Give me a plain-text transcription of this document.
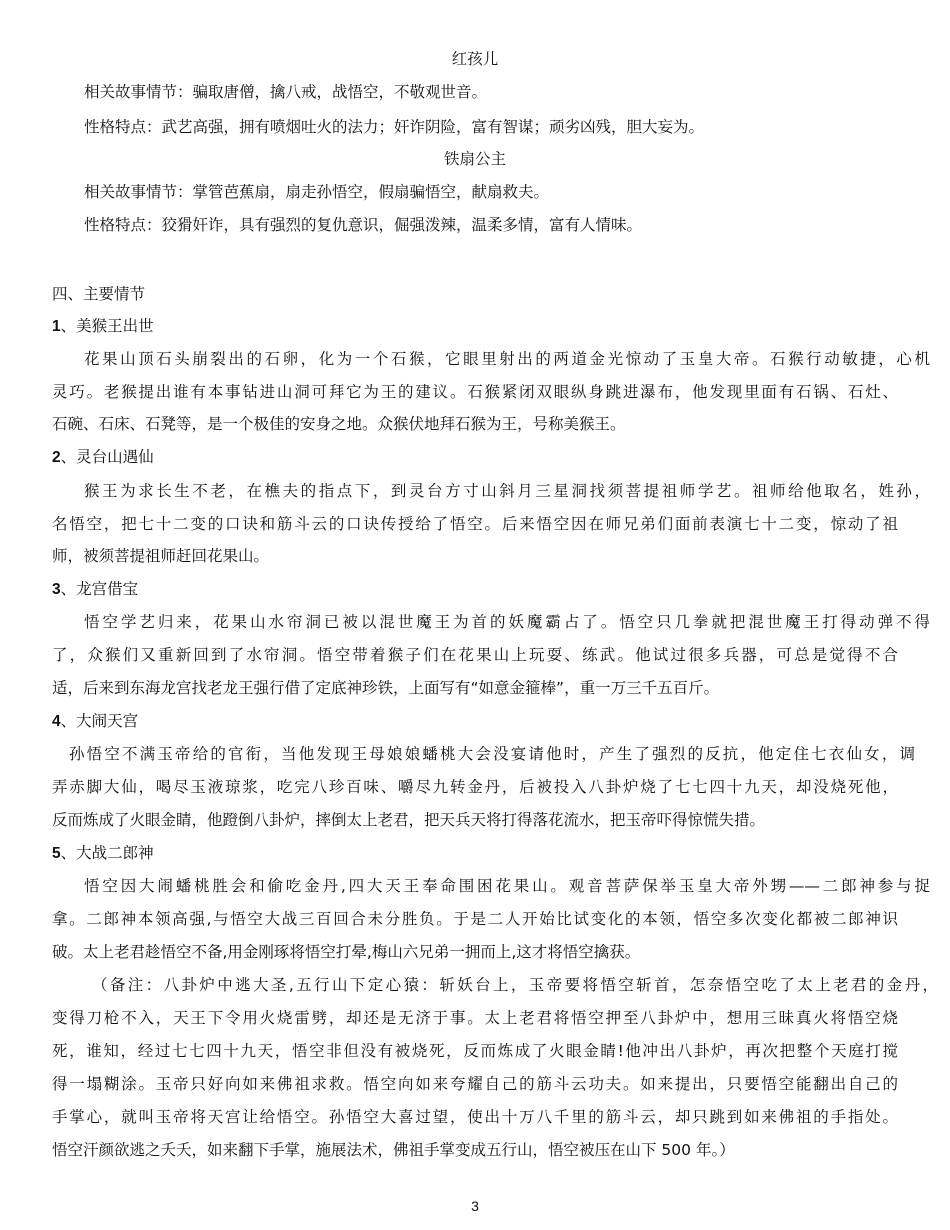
红孩儿
相关故事情节：骗取唐僧，擒八戒，战悟空，不敬观世音。
性格特点：武艺高强，拥有喷烟吐火的法力；奸诈阴险，富有智谋；顽劣凶残，胆大妄为。
铁扇公主
相关故事情节：掌管芭蕉扇，扇走孙悟空，假扇骗悟空，献扇救夫。
性格特点：狡猾奸诈，具有强烈的复仇意识，倔强泼辣，温柔多情，富有人情味。
四、主要情节
1、美猴王出世
花果山顶石头崩裂出的石卵，化为一个石猴，它眼里射出的两道金光惊动了玉皇大帝。石猴行动敏捷，心机
灵巧。老猴提出谁有本事钻进山洞可拜它为王的建议。石猴紧闭双眼纵身跳进瀑布，他发现里面有石锅、石灶、
石碗、石床、石凳等，是一个极佳的安身之地。众猴伏地拜石猴为王，号称美猴王。
2、灵台山遇仙
猴王为求长生不老，在樵夫的指点下，到灵台方寸山斜月三星洞找须菩提祖师学艺。祖师给他取名，姓孙，
名悟空，把七十二变的口诀和筋斗云的口诀传授给了悟空。后来悟空因在师兄弟们面前表演七十二变，惊动了祖
师，被须菩提祖师赶回花果山。
3、龙宫借宝
悟空学艺归来，花果山水帘洞已被以混世魔王为首的妖魔霸占了。悟空只几拳就把混世魔王打得动弹不得
了，众猴们又重新回到了水帘洞。悟空带着猴子们在花果山上玩耍、练武。他试过很多兵器，可总是觉得不合
适，后来到东海龙宫找老龙王强行借了定底神珍铁，上面写有“如意金箍棒”，重一万三千五百斤。
4、大闹天宫
孙悟空不满玉帝给的官衔，当他发现王母娘娘蟠桃大会没宴请他时，产生了强烈的反抗，他定住七衣仙女，调
弄赤脚大仙，喝尽玉液琼浆，吃完八珍百味、嚼尽九转金丹，后被投入八卦炉烧了七七四十九天，却没烧死他，
反而炼成了火眼金睛，他蹬倒八卦炉，摔倒太上老君，把天兵天将打得落花流水，把玉帝吓得惊慌失措。
5、大战二郎神
悟空因大闹蟠桃胜会和偷吃金丹,四大天王奉命围困花果山。观音菩萨保举玉皇大帝外甥——二郎神参与捉
拿。二郎神本领高强,与悟空大战三百回合未分胜负。于是二人开始比试变化的本领，悟空多次变化都被二郎神识
破。太上老君趁悟空不备,用金刚琢将悟空打晕,梅山六兄弟一拥而上,这才将悟空擒获。
（备注：八卦炉中逃大圣,五行山下定心猿：斩妖台上，玉帝要将悟空斩首，怎奈悟空吃了太上老君的金丹，
变得刀枪不入，天王下令用火烧雷劈，却还是无济于事。太上老君将悟空押至八卦炉中，想用三昧真火将悟空烧
死，谁知，经过七七四十九天，悟空非但没有被烧死，反而炼成了火眼金睛!他冲出八卦炉，再次把整个天庭打搅
得一塌糊涂。玉帝只好向如来佛祖求救。悟空向如来夸耀自己的筋斗云功夫。如来提出，只要悟空能翻出自己的
手掌心，就叫玉帝将天宫让给悟空。孙悟空大喜过望，使出十万八千里的筋斗云，却只跳到如来佛祖的手指处。
悟空汗颜欲逃之夭夭，如来翻下手掌，施展法术，佛祖手掌变成五行山，悟空被压在山下 500 年。）
3
